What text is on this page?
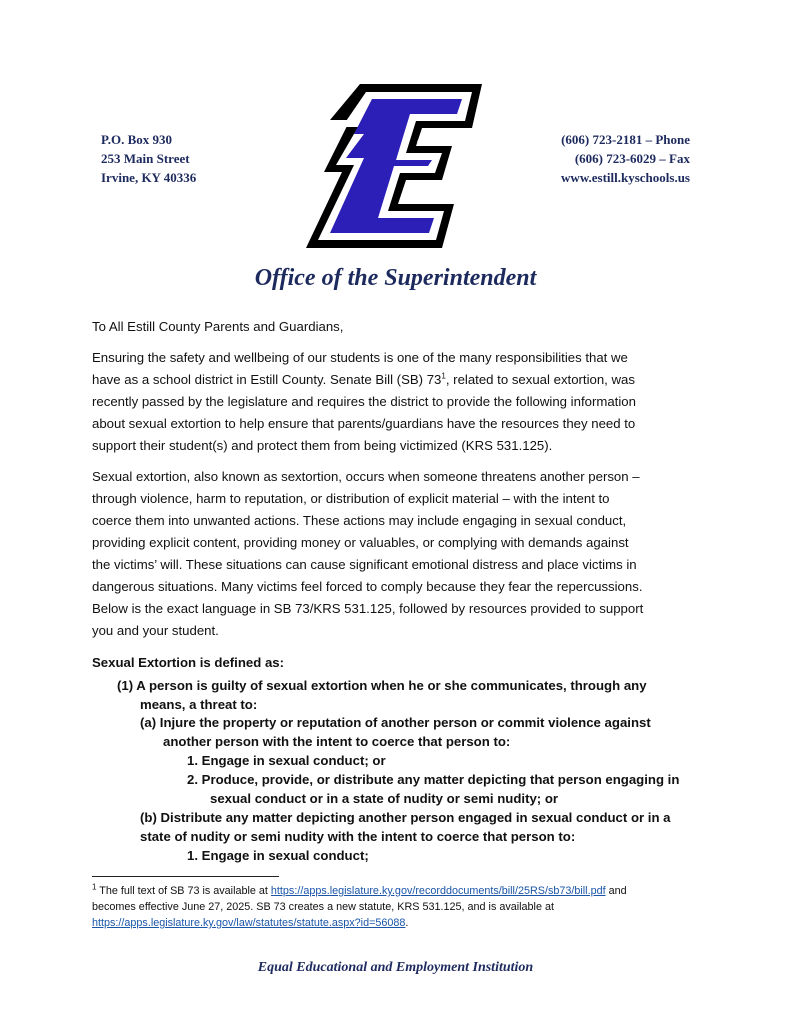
P.O. Box 930
253 Main Street
Irvine, KY 40336
(606) 723-2181 – Phone
(606) 723-6029 – Fax
www.estill.kyschools.us
Office of the Superintendent
To All Estill County Parents and Guardians,
Ensuring the safety and wellbeing of our students is one of the many responsibilities that we
have as a school district in Estill County. Senate Bill (SB) $73^1$, related to sexual extortion, was
recently passed by the legislature and requires the district to provide the following information
about sexual extortion to help ensure that parents/guardians have the resources they need to
support their student(s) and protect them from being victimized (KRS 531.125).
Sexual extortion, also known as sextortion, occurs when someone threatens another person –
through violence, harm to reputation, or distribution of explicit material – with the intent to
coerce them into unwanted actions. These actions may include engaging in sexual conduct,
providing explicit content, providing money or valuables, or complying with demands against
the victims’ will. These situations can cause significant emotional distress and place victims in
dangerous situations. Many victims feel forced to comply because they fear the repercussions.
Below is the exact language in SB 73/KRS 531.125, followed by resources provided to support
you and your student.
Sexual Extortion is defined as:
(1) A person is guilty of sexual extortion when he or she communicates, through any
means, a threat to:
(a) Injure the property or reputation of another person or commit violence against
another person with the intent to coerce that person to:
1. Engage in sexual conduct; or
2. Produce, provide, or distribute any matter depicting that person engaging in
sexual conduct or in a state of nudity or semi nudity; or
(b) Distribute any matter depicting another person engaged in sexual conduct or in a
state of nudity or semi nudity with the intent to coerce that person to:
1. Engage in sexual conduct;
$^1$ The full text of SB 73 is available at https://apps.legislature.ky.gov/recorddocuments/bill/25RS/sb73/bill.pdf and
becomes effective June 27, 2025. SB 73 creates a new statute, KRS 531.125, and is available at
https://apps.legislature.ky.gov/law/statutes/statute.aspx?id=56088.
Equal Educational and Employment Institution
